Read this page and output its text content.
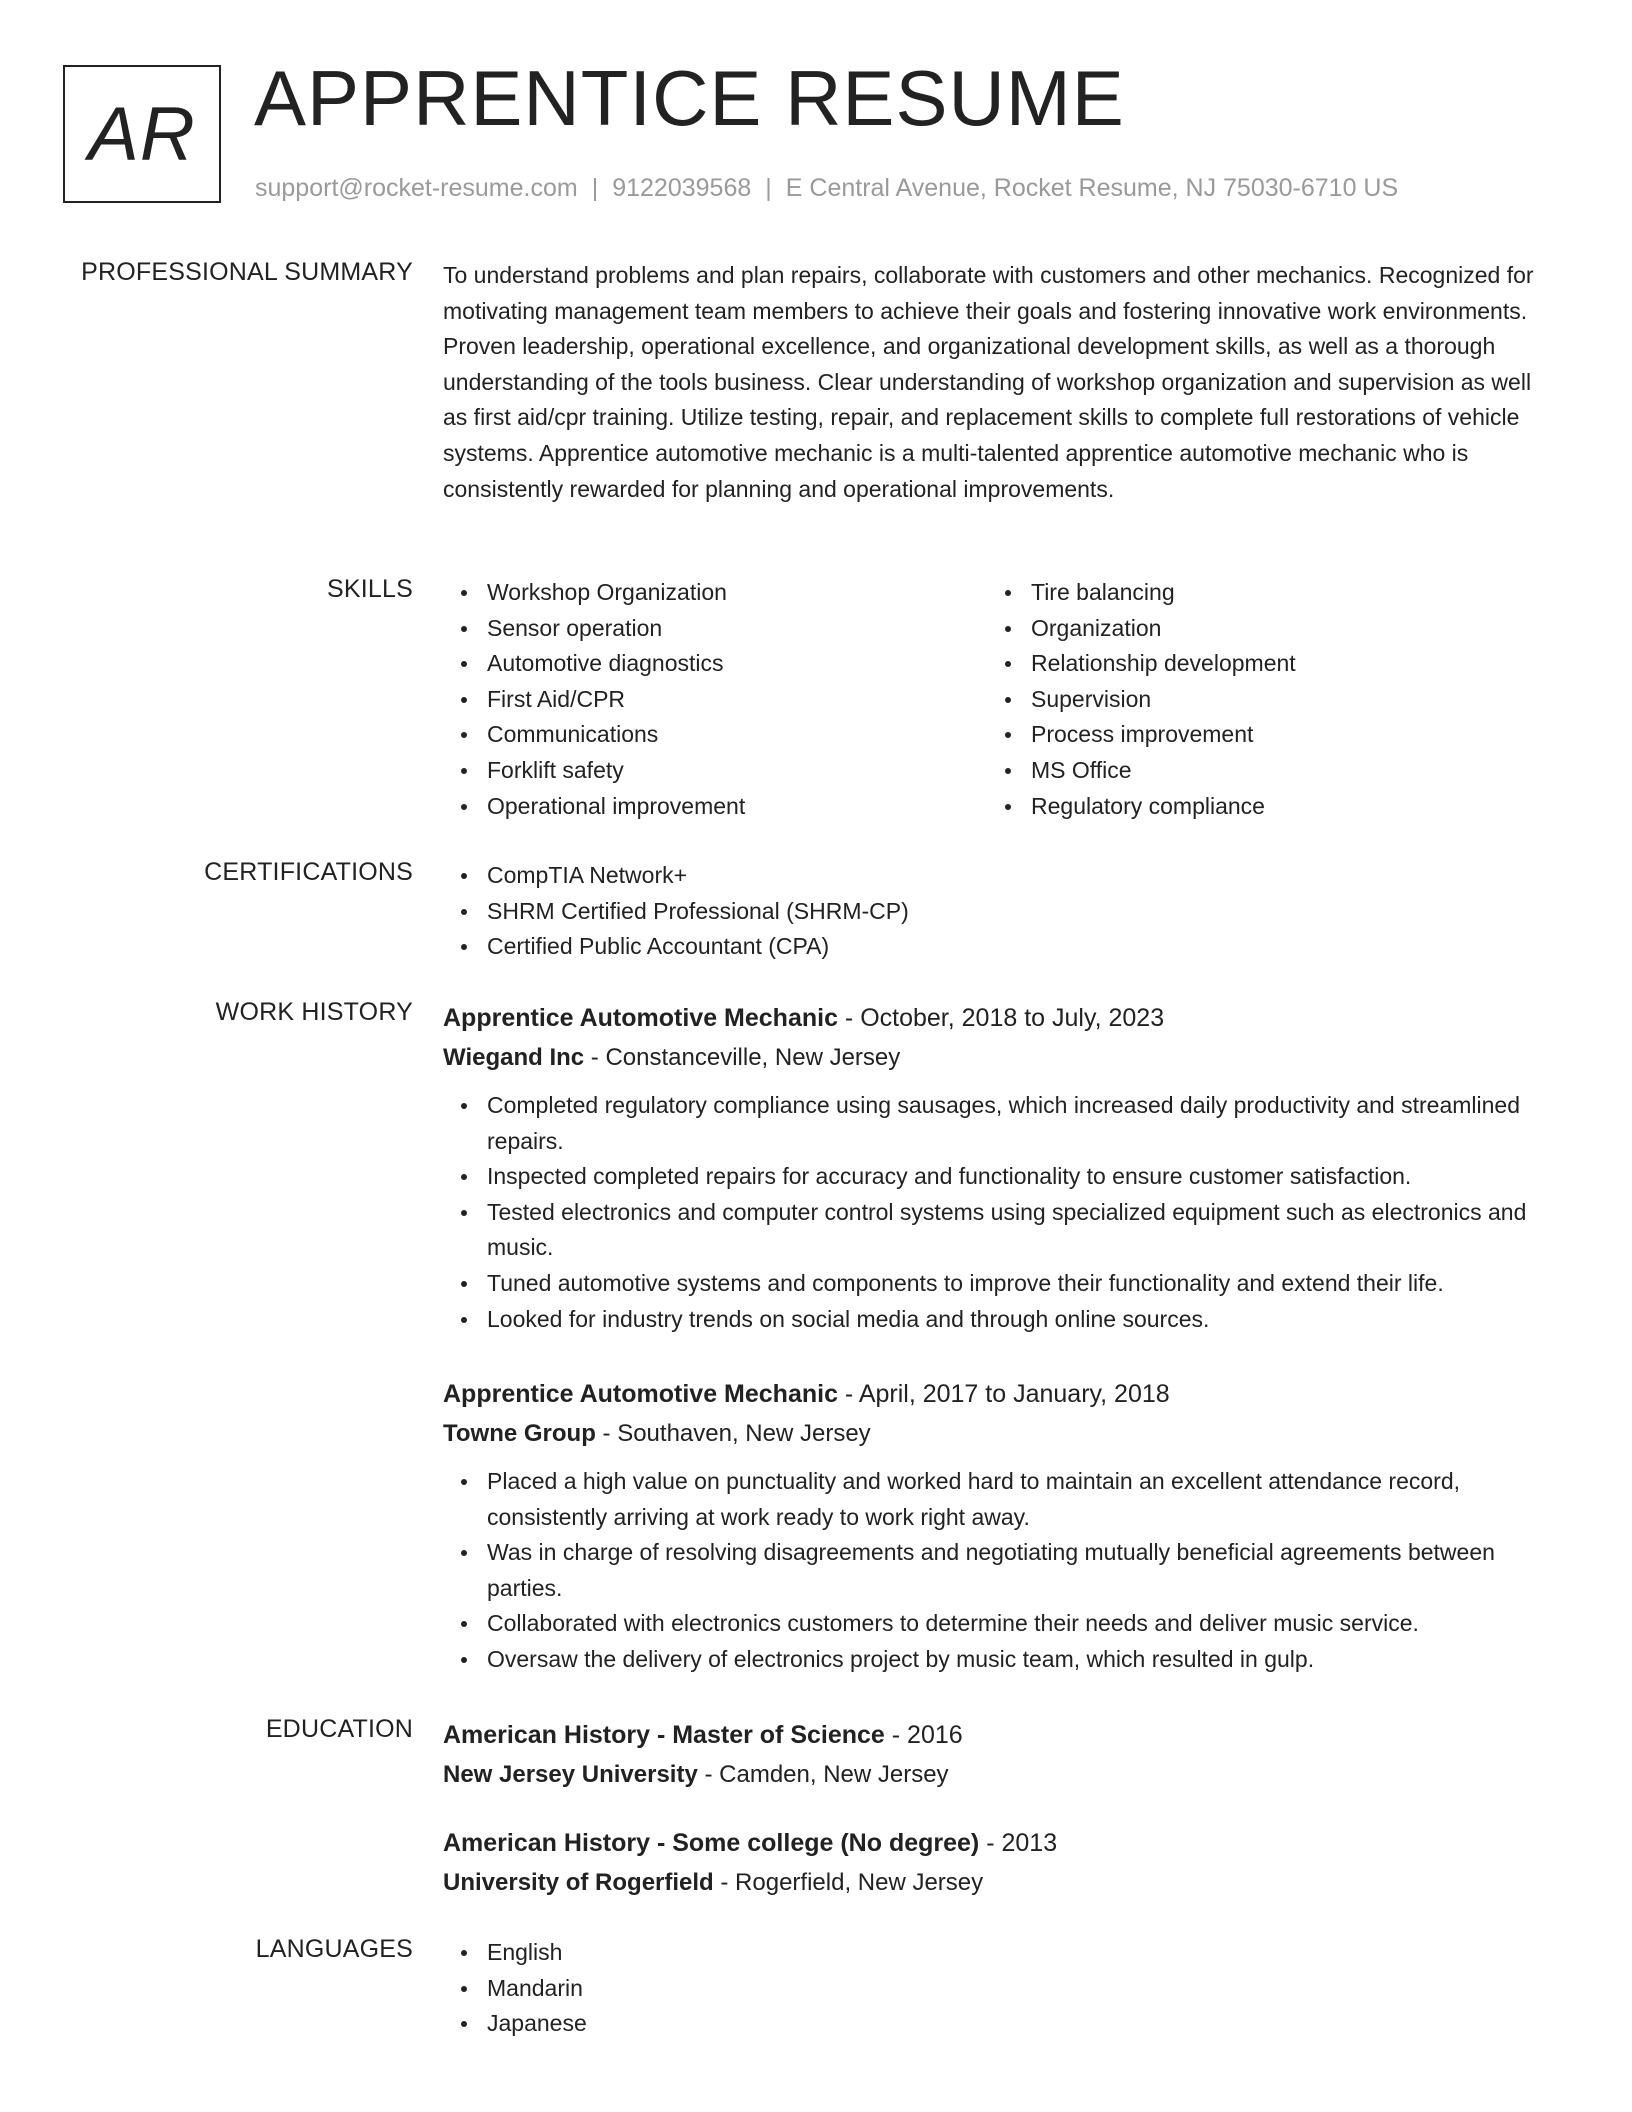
AR APPRENTICE RESUME
support@rocket-resume.com | 9122039568 | E Central Avenue, Rocket Resume, NJ 75030-6710 US
PROFESSIONAL SUMMARY To understand problems and plan repairs, collaborate with customers and other mechanics. Recognized for motivating management team members to achieve their goals and fostering innovative work environments. Proven leadership, operational excellence, and organizational development skills, as well as a thorough understanding of the tools business. Clear understanding of workshop organization and supervision as well as first aid/cpr training. Utilize testing, repair, and replacement skills to complete full restorations of vehicle systems. Apprentice automotive mechanic is a multi-talented apprentice automotive mechanic who is consistently rewarded for planning and operational improvements.
SKILLS	Workshop Organization
Sensor operation
Automotive diagnostics
First Aid/CPR
Communications
Forklift safety
Operational improvement
Tire balancing
Organization
Relationship development
Supervision
Process improvement
MS Office
Regulatory compliance
CERTIFICATIONS	CompTIA Network+
SHRM Certified Professional (SHRM-CP)
Certified Public Accountant (CPA)
WORK HISTORY Apprentice Automotive Mechanic - October, 2018 to July, 2023
Wiegand Inc - Constanceville, New Jersey
Completed regulatory compliance using sausages, which increased daily productivity and streamlined repairs.
Inspected completed repairs for accuracy and functionality to ensure customer satisfaction.
Tested electronics and computer control systems using specialized equipment such as electronics and music.
Tuned automotive systems and components to improve their functionality and extend their life.
Looked for industry trends on social media and through online sources.
Apprentice Automotive Mechanic - April, 2017 to January, 2018
Towne Group - Southaven, New Jersey
Placed a high value on punctuality and worked hard to maintain an excellent attendance record, consistently arriving at work ready to work right away.
Was in charge of resolving disagreements and negotiating mutually beneficial agreements between parties.
Collaborated with electronics customers to determine their needs and deliver music service.
Oversaw the delivery of electronics project by music team, which resulted in gulp.
EDUCATION American History - Master of Science - 2016
New Jersey University - Camden, New Jersey
American History - Some college (No degree) - 2013
University of Rogerfield - Rogerfield, New Jersey
LANGUAGES	English
Mandarin
Japanese
